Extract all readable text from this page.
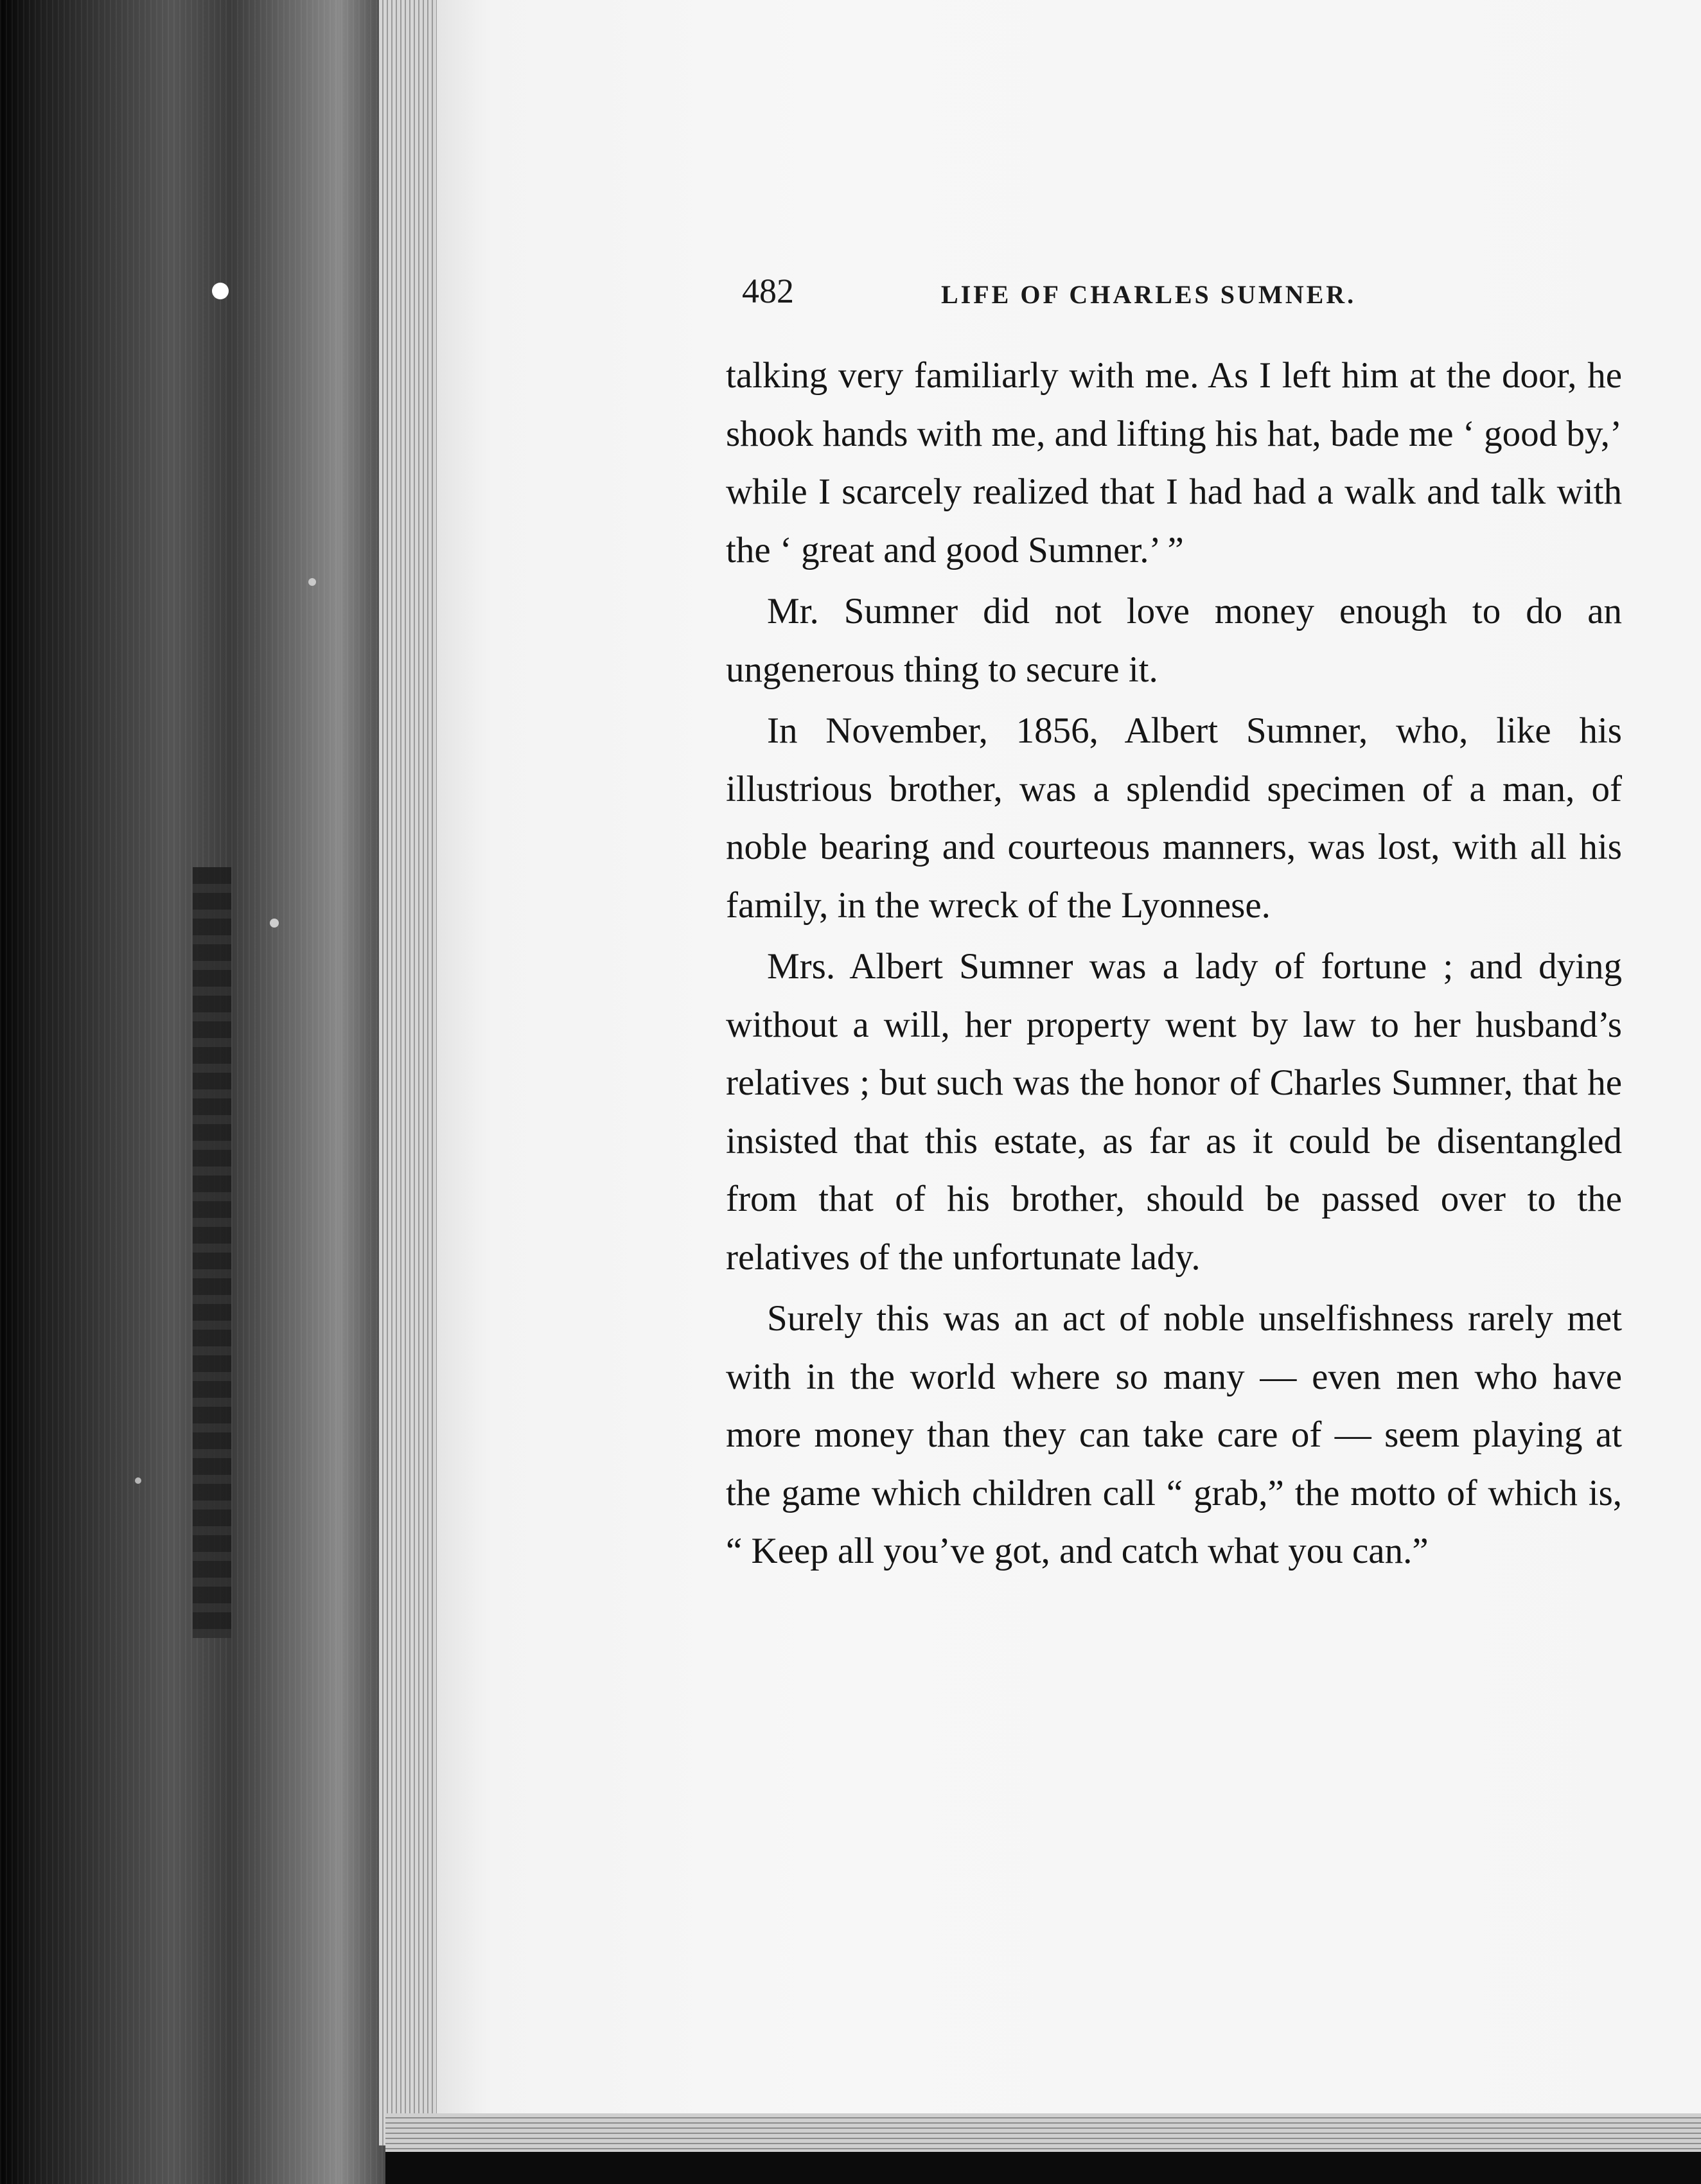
482	LIFE OF CHARLES SUMNER.

talking very familiarly with me. As I left him at the door, he shook hands with me, and lifting his hat, bade me ‘ good by,’ while I scarcely realized that I had had a walk and talk with the ‘ great and good Sumner.’ ”

Mr. Sumner did not love money enough to do an ungenerous thing to secure it.

In November, 1856, Albert Sumner, who, like his illustrious brother, was a splendid specimen of a man, of noble bearing and courteous manners, was lost, with all his family, in the wreck of the Lyonnese.

Mrs. Albert Sumner was a lady of fortune ; and dying without a will, her property went by law to her husband’s relatives ; but such was the honor of Charles Sumner, that he insisted that this estate, as far as it could be disentangled from that of his brother, should be passed over to the relatives of the unfortunate lady.

Surely this was an act of noble unselfishness rarely met with in the world where so many — even men who have more money than they can take care of — seem playing at the game which children call “ grab,” the motto of which is, “ Keep all you’ve got, and catch what you can.”
